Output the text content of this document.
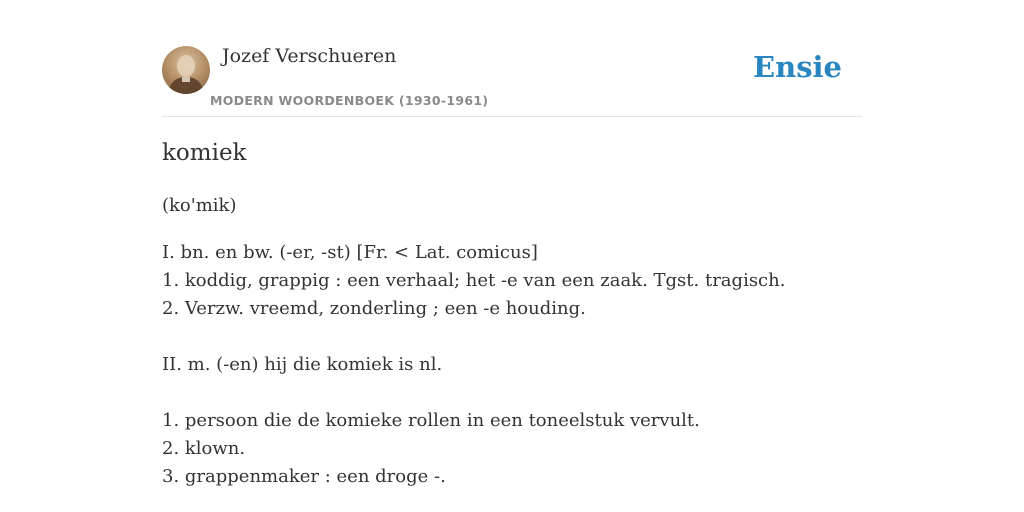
Jozef Verschueren
MODERN WOORDENBOEK (1930-1961)
Ensie
komiek
(ko'mik)
I. bn. en bw. (-er, -st) [Fr. < Lat. comicus]
1. koddig, grappig : een verhaal; het -e van een zaak. Tgst. tragisch.
2. Verzw. vreemd, zonderling ; een -e houding.
II. m. (-en) hij die komiek is nl.
1. persoon die de komieke rollen in een toneelstuk vervult.
2. klown.
3. grappenmaker : een droge -.
